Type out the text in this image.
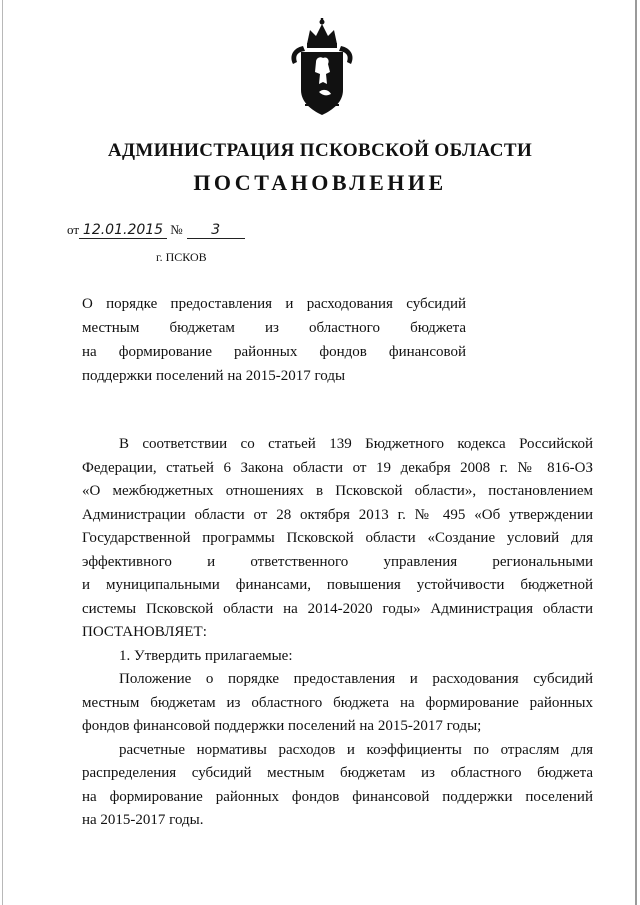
АДМИНИСТРАЦИЯ ПСКОВСКОЙ ОБЛАСТИ
ПОСТАНОВЛЕНИЕ
от 12.01.2015 № 3
г. ПСКОВ
О порядке предоставления и расходования субсидий
местным бюджетам из областного бюджета
на формирование районных фондов финансовой
поддержки поселений на 2015-2017 годы
В соответствии со статьей 139 Бюджетного кодекса Российской
Федерации, статьей 6 Закона области от 19 декабря 2008 г. № 816-ОЗ
«О межбюджетных отношениях в Псковской области», постановлением
Администрации области от 28 октября 2013 г. № 495 «Об утверждении
Государственной программы Псковской области «Создание условий для
эффективного и ответственного управления региональными
и муниципальными финансами, повышения устойчивости бюджетной
системы Псковской области на 2014-2020 годы» Администрация области
ПОСТАНОВЛЯЕТ:
1. Утвердить прилагаемые:
Положение о порядке предоставления и расходования субсидий
местным бюджетам из областного бюджета на формирование районных
фондов финансовой поддержки поселений на 2015-2017 годы;
расчетные нормативы расходов и коэффициенты по отраслям для
распределения субсидий местным бюджетам из областного бюджета
на формирование районных фондов финансовой поддержки поселений
на 2015-2017 годы.
